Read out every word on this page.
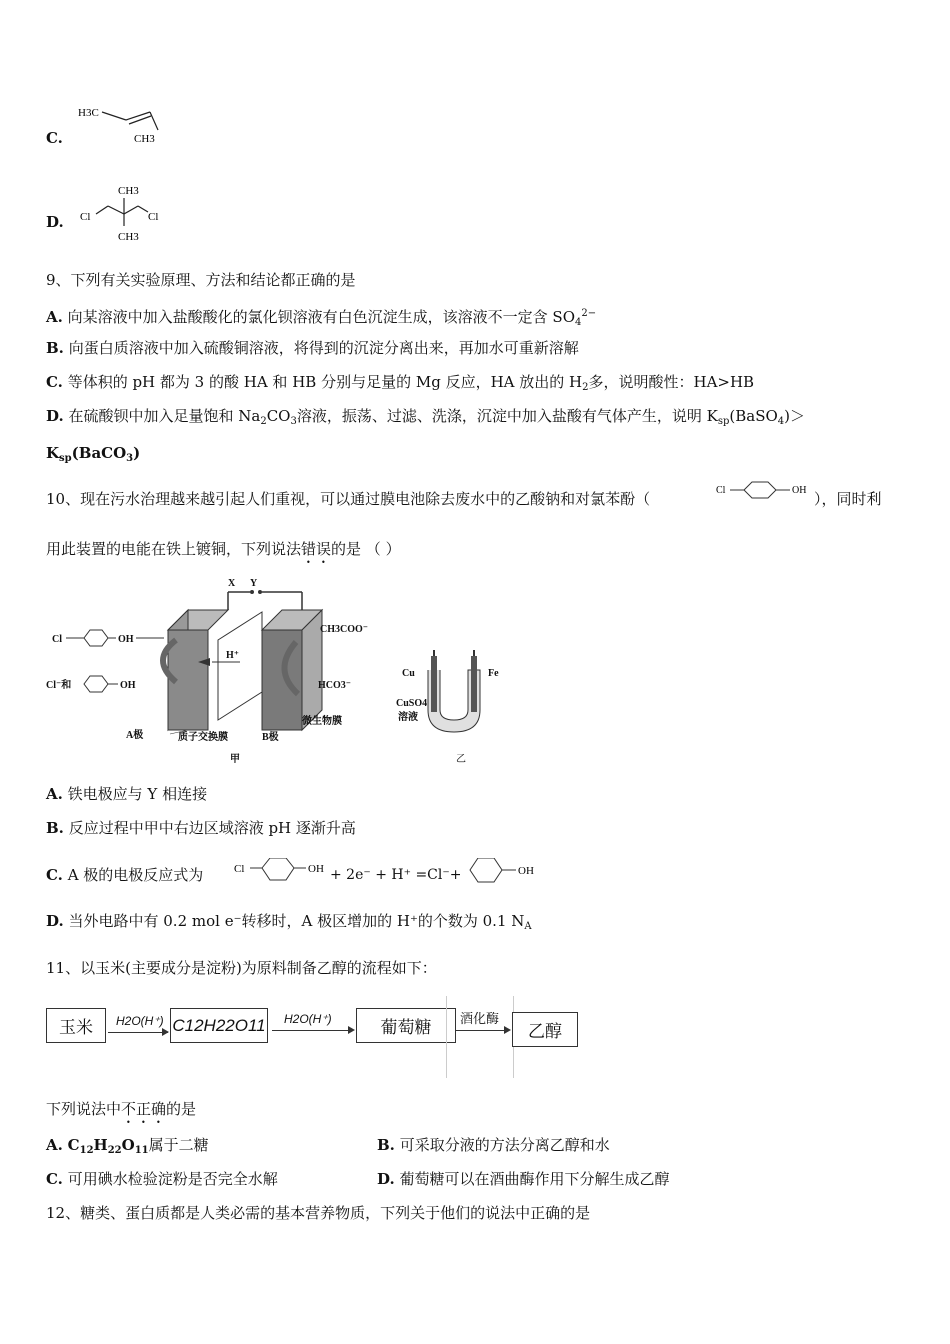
C.
H3C
CH3
D.
CH3
CH3
Cl	Cl
9、下列有关实验原理、方法和结论都正确的是
A. 向某溶液中加入盐酸酸化的氯化钡溶液有白色沉淀生成，该溶液不一定含 $SO_4^{2-}$
B. 向蛋白质溶液中加入硫酸铜溶液，将得到的沉淀分离出来，再加水可重新溶解
C. 等体积的 pH 都为 3 的酸 HA 和 HB 分别与足量的 Mg 反应，HA 放出的 $H_2$多，说明酸性：HA>HB
D. 在硫酸钡中加入足量饱和 $Na_2CO_3$溶液，振荡、过滤、洗涤，沉淀中加入盐酸有气体产生，说明 $K_{sp}(BaSO_4)>$
$K_{sp}(BaCO_3)$
10、现在污水治理越来越引起人们重视，可以通过膜电池除去废水中的乙酸钠和对氯苯酚（	Cl	OH ），同时利
用此装置的电能在铁上镀铜，下列说法错误的是 （ ）
X Y
H⁺
Cl	OH
Cl⁻和	OH
CH3COO⁻
HCO3⁻
A极	质子交换膜	B极
微生物膜
甲
Cu	Fe
CuSO4
溶液
乙
A. 铁电极应与 Y 相连接
B. 反应过程中甲中右边区域溶液 pH 逐渐升高
C. A 极的电极反应式为	Cl	OH + 2e⁻ + H⁺ =Cl⁻+	OH
D. 当外电路中有 0.2 mol e⁻转移时，A 极区增加的 H⁺的个数为 0.1 $N_A$
11、以玉米(主要成分是淀粉)为原料制备乙醇的流程如下：
玉米	H2O(H⁺) C12H22O11 H2O(H⁺)	葡萄糖	酒化酶
乙醇
下列说法中不正确的是
A. $C_{12}H_{22}O_{11}$属于二糖	B. 可采取分液的方法分离乙醇和水
C. 可用碘水检验淀粉是否完全水解	D. 葡萄糖可以在酒曲酶作用下分解生成乙醇
12、糖类、蛋白质都是人类必需的基本营养物质，下列关于他们的说法中正确的是
